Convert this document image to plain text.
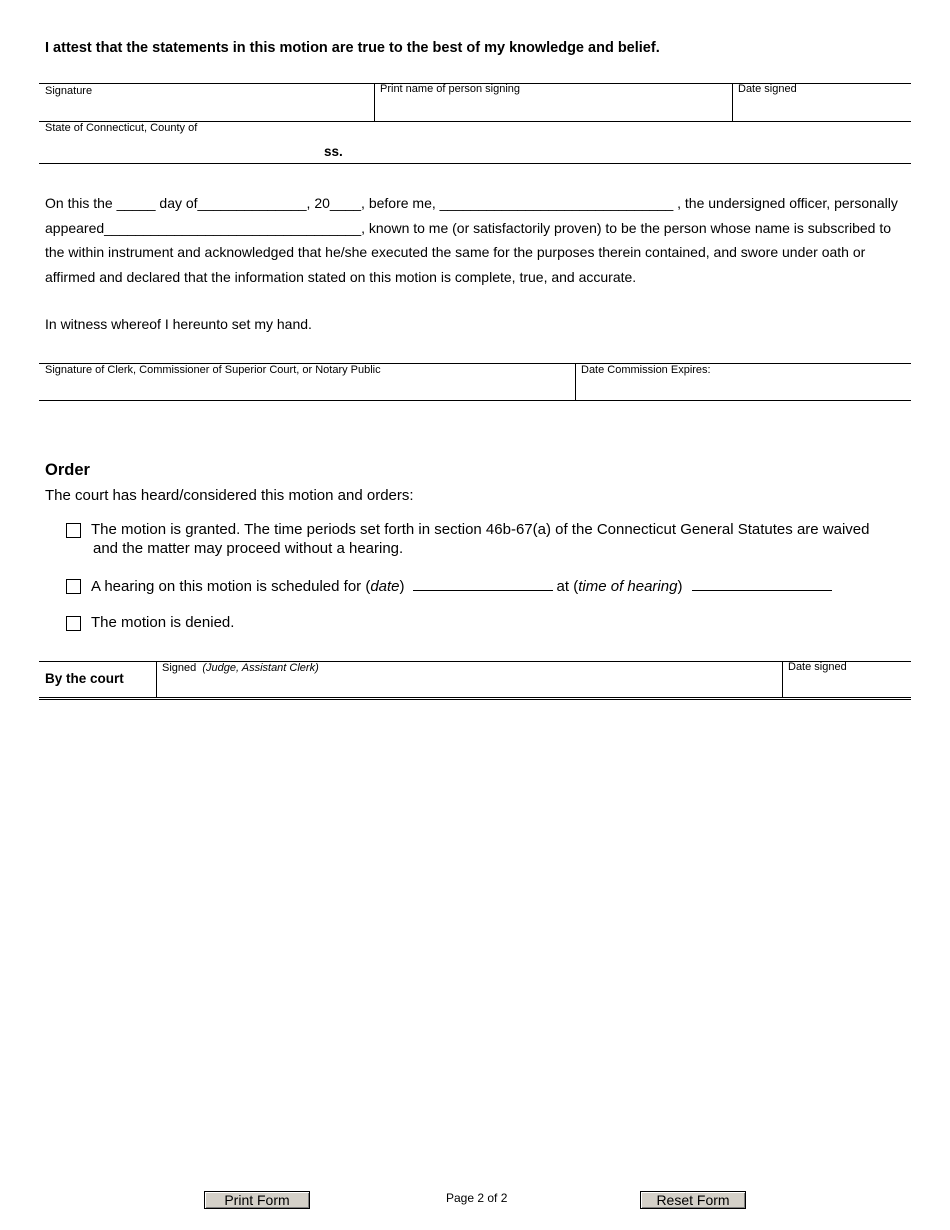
I attest that the statements in this motion are true to the best of my knowledge and belief.
Signature	Print name of person signing	Date signed
State of Connecticut, County of
ss.

On this the _____ day of______________, 20____, before me, ______________________________ , the undersigned officer, personally

appeared_________________________________, known to me (or satisfactorily proven) to be the person whose name is subscribed to

the within instrument and acknowledged that he/she executed the same for the purposes therein contained, and swore under oath or

affirmed and declared that the information stated on this motion is complete, true, and accurate.

In witness whereof I hereunto set my hand.
Signature of Clerk, Commissioner of Superior Court, or Notary Public	Date Commission Expires:
Order
The court has heard/considered this motion and orders:
The motion is granted. The time periods set forth in section 46b-67(a) of the Connecticut General Statutes are waived
and the matter may proceed without a hearing.
A hearing on this motion is scheduled for (date)	at (time of hearing)
The motion is denied.
By the court
Signed (Judge, Assistant Clerk)	Date signed
Print Form	Page 2 of 2	Reset Form
